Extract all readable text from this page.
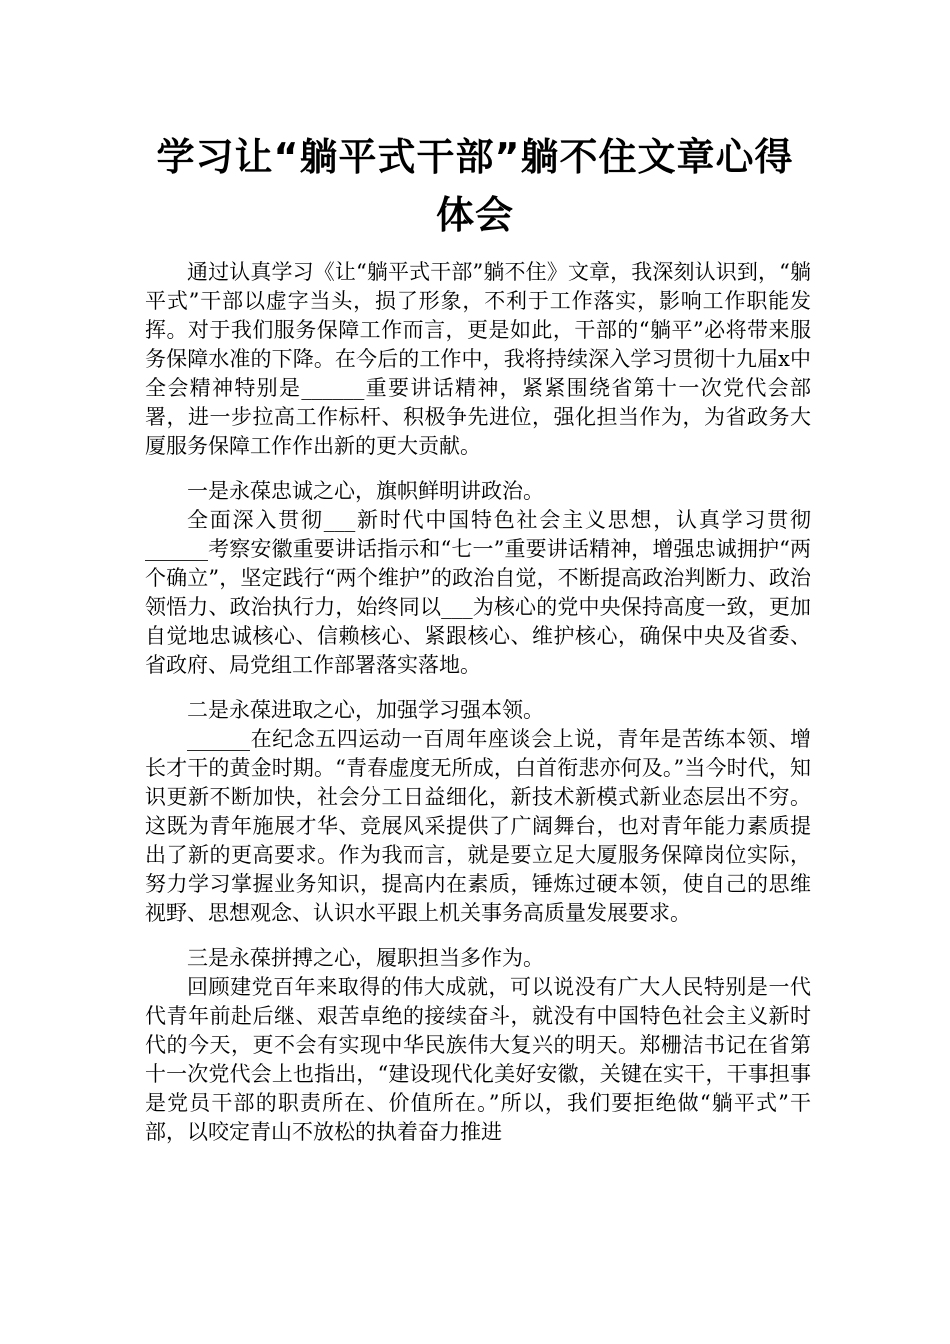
学习让“躺平式干部”躺不住文章心得体会

通过认真学习《让“躺平式干部”躺不住》文章，我深刻认识到，“躺平式”干部以虚字当头，损了形象，不利于工作落实，影响工作职能发挥。对于我们服务保障工作而言，更是如此，干部的“躺平”必将带来服务保障水准的下降。在今后的工作中，我将持续深入学习贯彻十九届x中全会精神特别是______重要讲话精神，紧紧围绕省第十一次党代会部署，进一步拉高工作标杆、积极争先进位，强化担当作为，为省政务大厦服务保障工作作出新的更大贡献。

一是永葆忠诚之心，旗帜鲜明讲政治。

全面深入贯彻___新时代中国特色社会主义思想，认真学习贯彻______考察安徽重要讲话指示和“七一”重要讲话精神，增强忠诚拥护“两个确立”，坚定践行“两个维护”的政治自觉，不断提高政治判断力、政治领悟力、政治执行力，始终同以___为核心的党中央保持高度一致，更加自觉地忠诚核心、信赖核心、紧跟核心、维护核心，确保中央及省委、省政府、局党组工作部署落实落地。

二是永葆进取之心，加强学习强本领。

______在纪念五四运动一百周年座谈会上说，青年是苦练本领、增长才干的黄金时期。“青春虚度无所成，白首衔悲亦何及。”当今时代，知识更新不断加快，社会分工日益细化，新技术新模式新业态层出不穷。这既为青年施展才华、竞展风采提供了广阔舞台，也对青年能力素质提出了新的更高要求。作为我而言，就是要立足大厦服务保障岗位实际，努力学习掌握业务知识，提高内在素质，锤炼过硬本领，使自己的思维视野、思想观念、认识水平跟上机关事务高质量发展要求。

三是永葆拼搏之心，履职担当多作为。

回顾建党百年来取得的伟大成就，可以说没有广大人民特别是一代代青年前赴后继、艰苦卓绝的接续奋斗，就没有中国特色社会主义新时代的今天，更不会有实现中华民族伟大复兴的明天。郑栅洁书记在省第十一次党代会上也指出，“建设现代化美好安徽，关键在实干，干事担事是党员干部的职责所在、价值所在。”所以，我们要拒绝做“躺平式”干部，以咬定青山不放松的执着奋力推进
